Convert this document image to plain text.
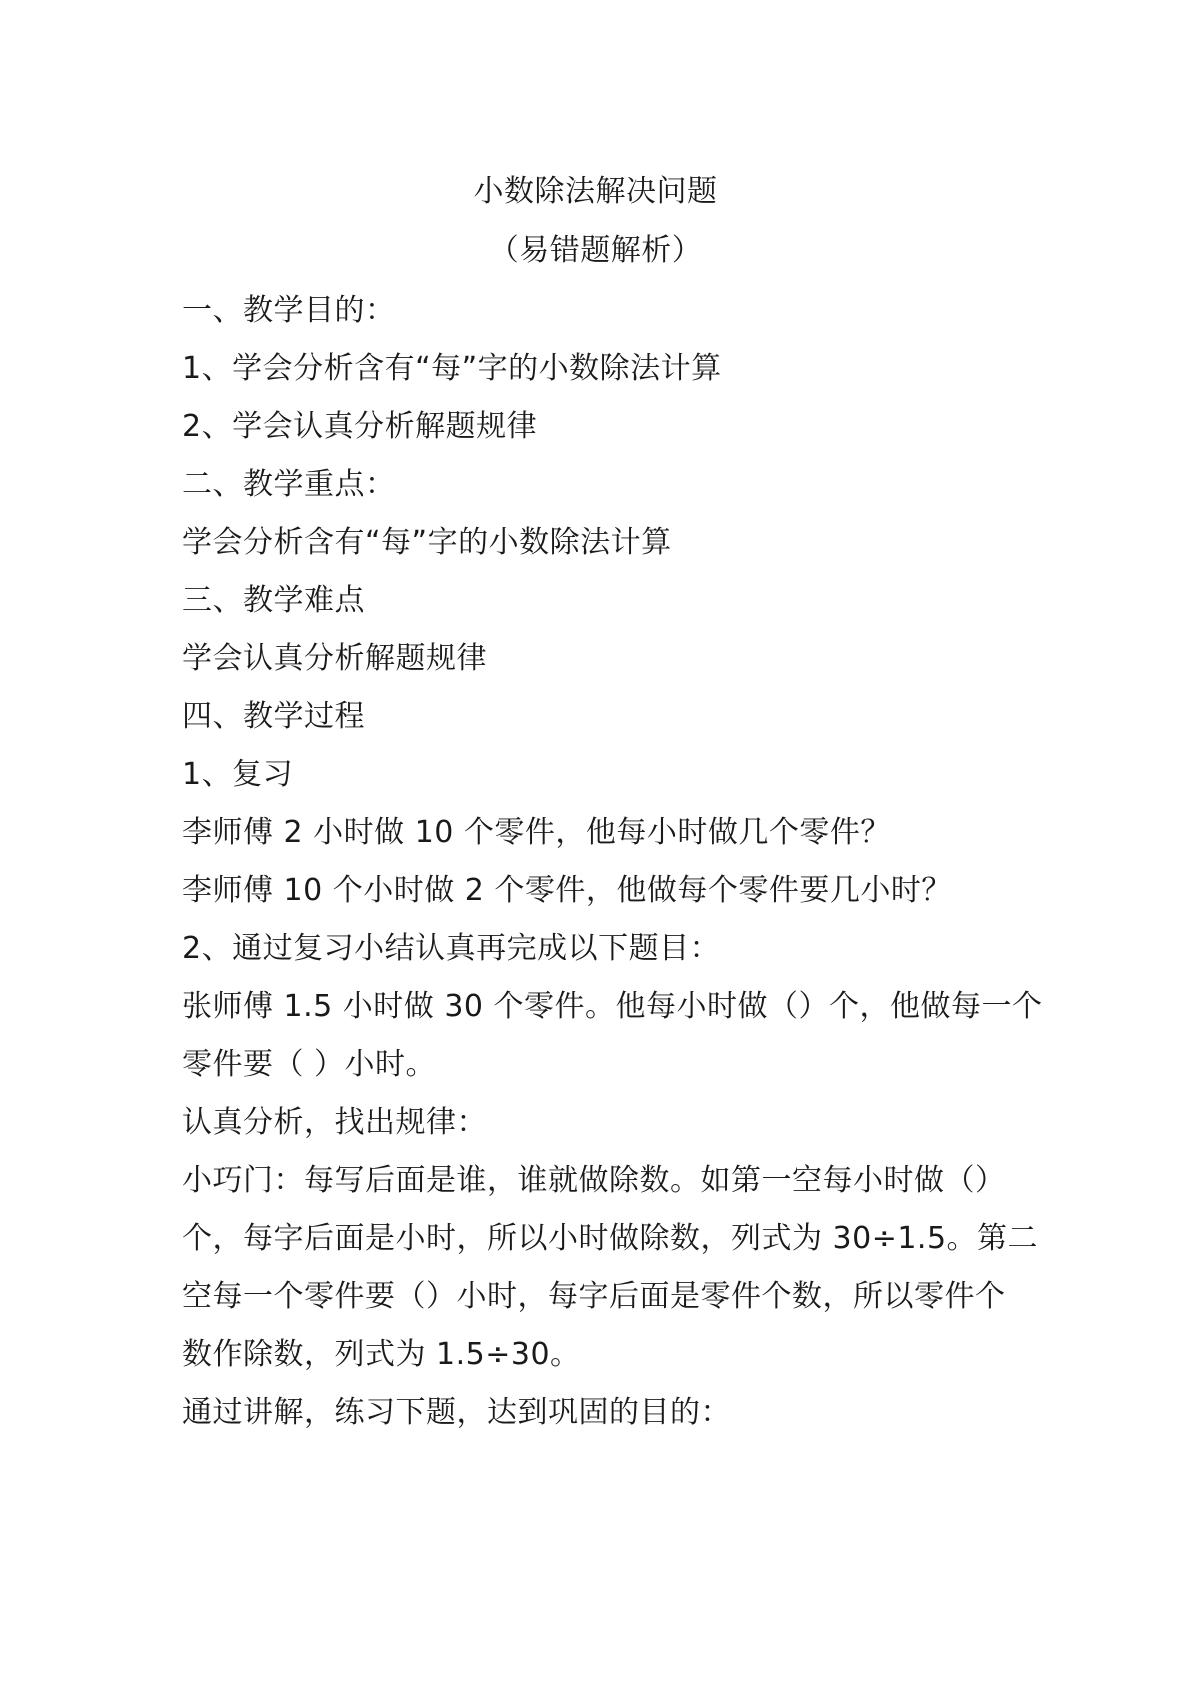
小数除法解决问题
（易错题解析）
一、教学目的：
1、学会分析含有“每”字的小数除法计算
2、学会认真分析解题规律
二、教学重点：
学会分析含有“每”字的小数除法计算
三、教学难点
学会认真分析解题规律
四、教学过程
1、复习
李师傅 2 小时做 10 个零件，他每小时做几个零件？
李师傅 10 个小时做 2 个零件，他做每个零件要几小时？
2、通过复习小结认真再完成以下题目：
张师傅 1.5 小时做 30 个零件。他每小时做（）个，他做每一个
零件要（ ）小时。
认真分析，找出规律：
小巧门：每写后面是谁，谁就做除数。如第一空每小时做（）
个，每字后面是小时，所以小时做除数，列式为 30÷1.5。第二
空每一个零件要（）小时，每字后面是零件个数，所以零件个
数作除数，列式为 1.5÷30。
通过讲解，练习下题，达到巩固的目的：
